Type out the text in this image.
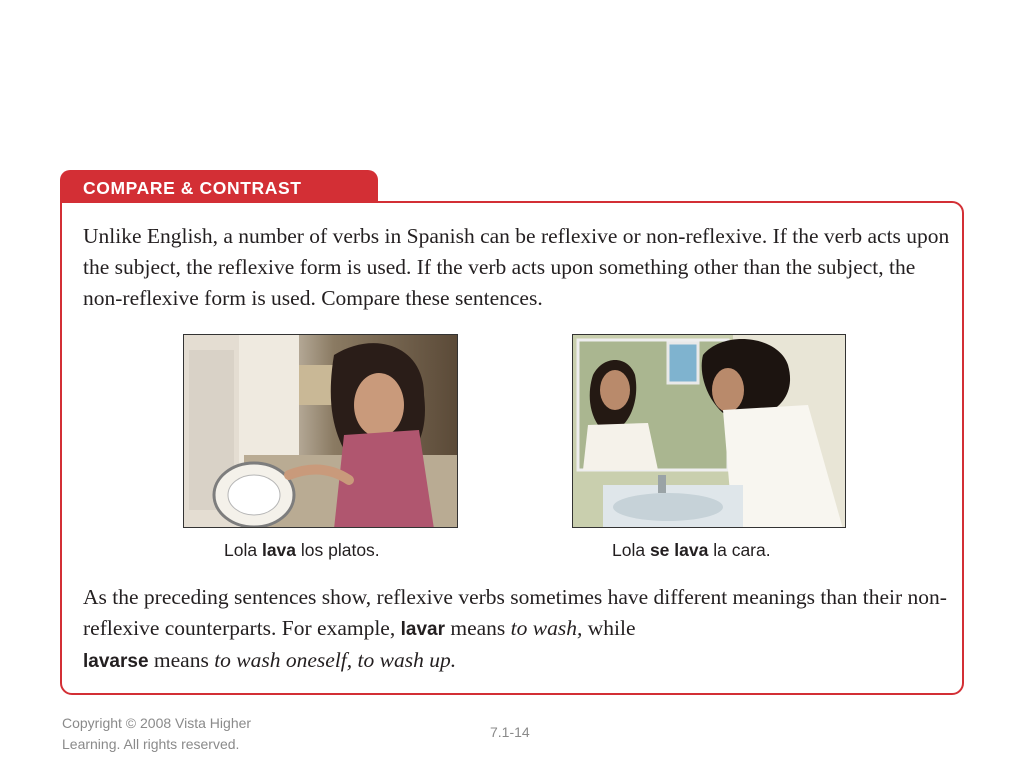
COMPARE & CONTRAST
Unlike English, a number of verbs in Spanish can be reflexive or non-reflexive. If the verb acts upon the subject, the reflexive form is used. If the verb acts upon something other than the subject, the non-reflexive form is used. Compare these sentences.
Lola lava los platos.	Lola se lava la cara.
As the preceding sentences show, reflexive verbs sometimes have different meanings than their non-reflexive counterparts. For example, lavar means to wash, while
lavarse means to wash oneself, to wash up.
Copyright © 2008 Vista Higher Learning. All rights reserved.
7.1-14
